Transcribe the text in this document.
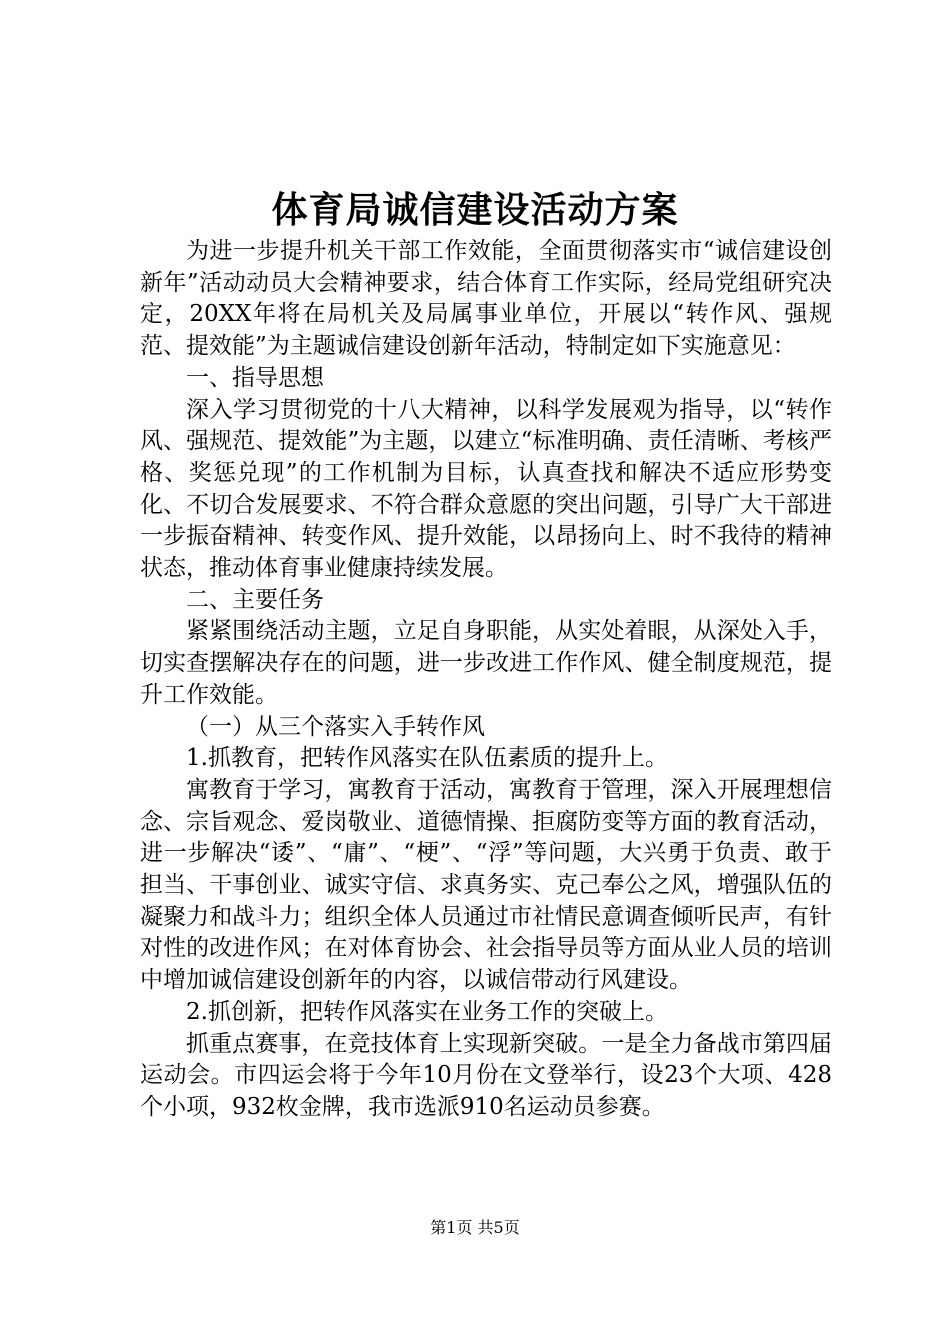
体育局诚信建设活动方案

为进一步提升机关干部工作效能，全面贯彻落实市“诚信建设创新年”活动动员大会精神要求，结合体育工作实际，经局党组研究决定，20XX年将在局机关及局属事业单位，开展以“转作风、强规范、提效能”为主题诚信建设创新年活动，特制定如下实施意见：

一、指导思想

深入学习贯彻党的十八大精神，以科学发展观为指导，以“转作风、强规范、提效能”为主题，以建立“标准明确、责任清晰、考核严格、奖惩兑现”的工作机制为目标，认真查找和解决不适应形势变化、不切合发展要求、不符合群众意愿的突出问题，引导广大干部进一步振奋精神、转变作风、提升效能，以昂扬向上、时不我待的精神状态，推动体育事业健康持续发展。

二、主要任务

紧紧围绕活动主题，立足自身职能，从实处着眼，从深处入手，切实查摆解决存在的问题，进一步改进工作作风、健全制度规范，提升工作效能。

（一）从三个落实入手转作风

1.抓教育，把转作风落实在队伍素质的提升上。

寓教育于学习，寓教育于活动，寓教育于管理，深入开展理想信念、宗旨观念、爱岗敬业、道德情操、拒腐防变等方面的教育活动，进一步解决“诿”、“庸”、“梗”、“浮”等问题，大兴勇于负责、敢于担当、干事创业、诚实守信、求真务实、克己奉公之风，增强队伍的凝聚力和战斗力；组织全体人员通过市社情民意调查倾听民声，有针对性的改进作风；在对体育协会、社会指导员等方面从业人员的培训中增加诚信建设创新年的内容，以诚信带动行风建设。

2.抓创新，把转作风落实在业务工作的突破上。

抓重点赛事，在竞技体育上实现新突破。一是全力备战市第四届运动会。市四运会将于今年10月份在文登举行，设23个大项、428个小项，932枚金牌，我市选派910名运动员参赛。

第1页 共5页
